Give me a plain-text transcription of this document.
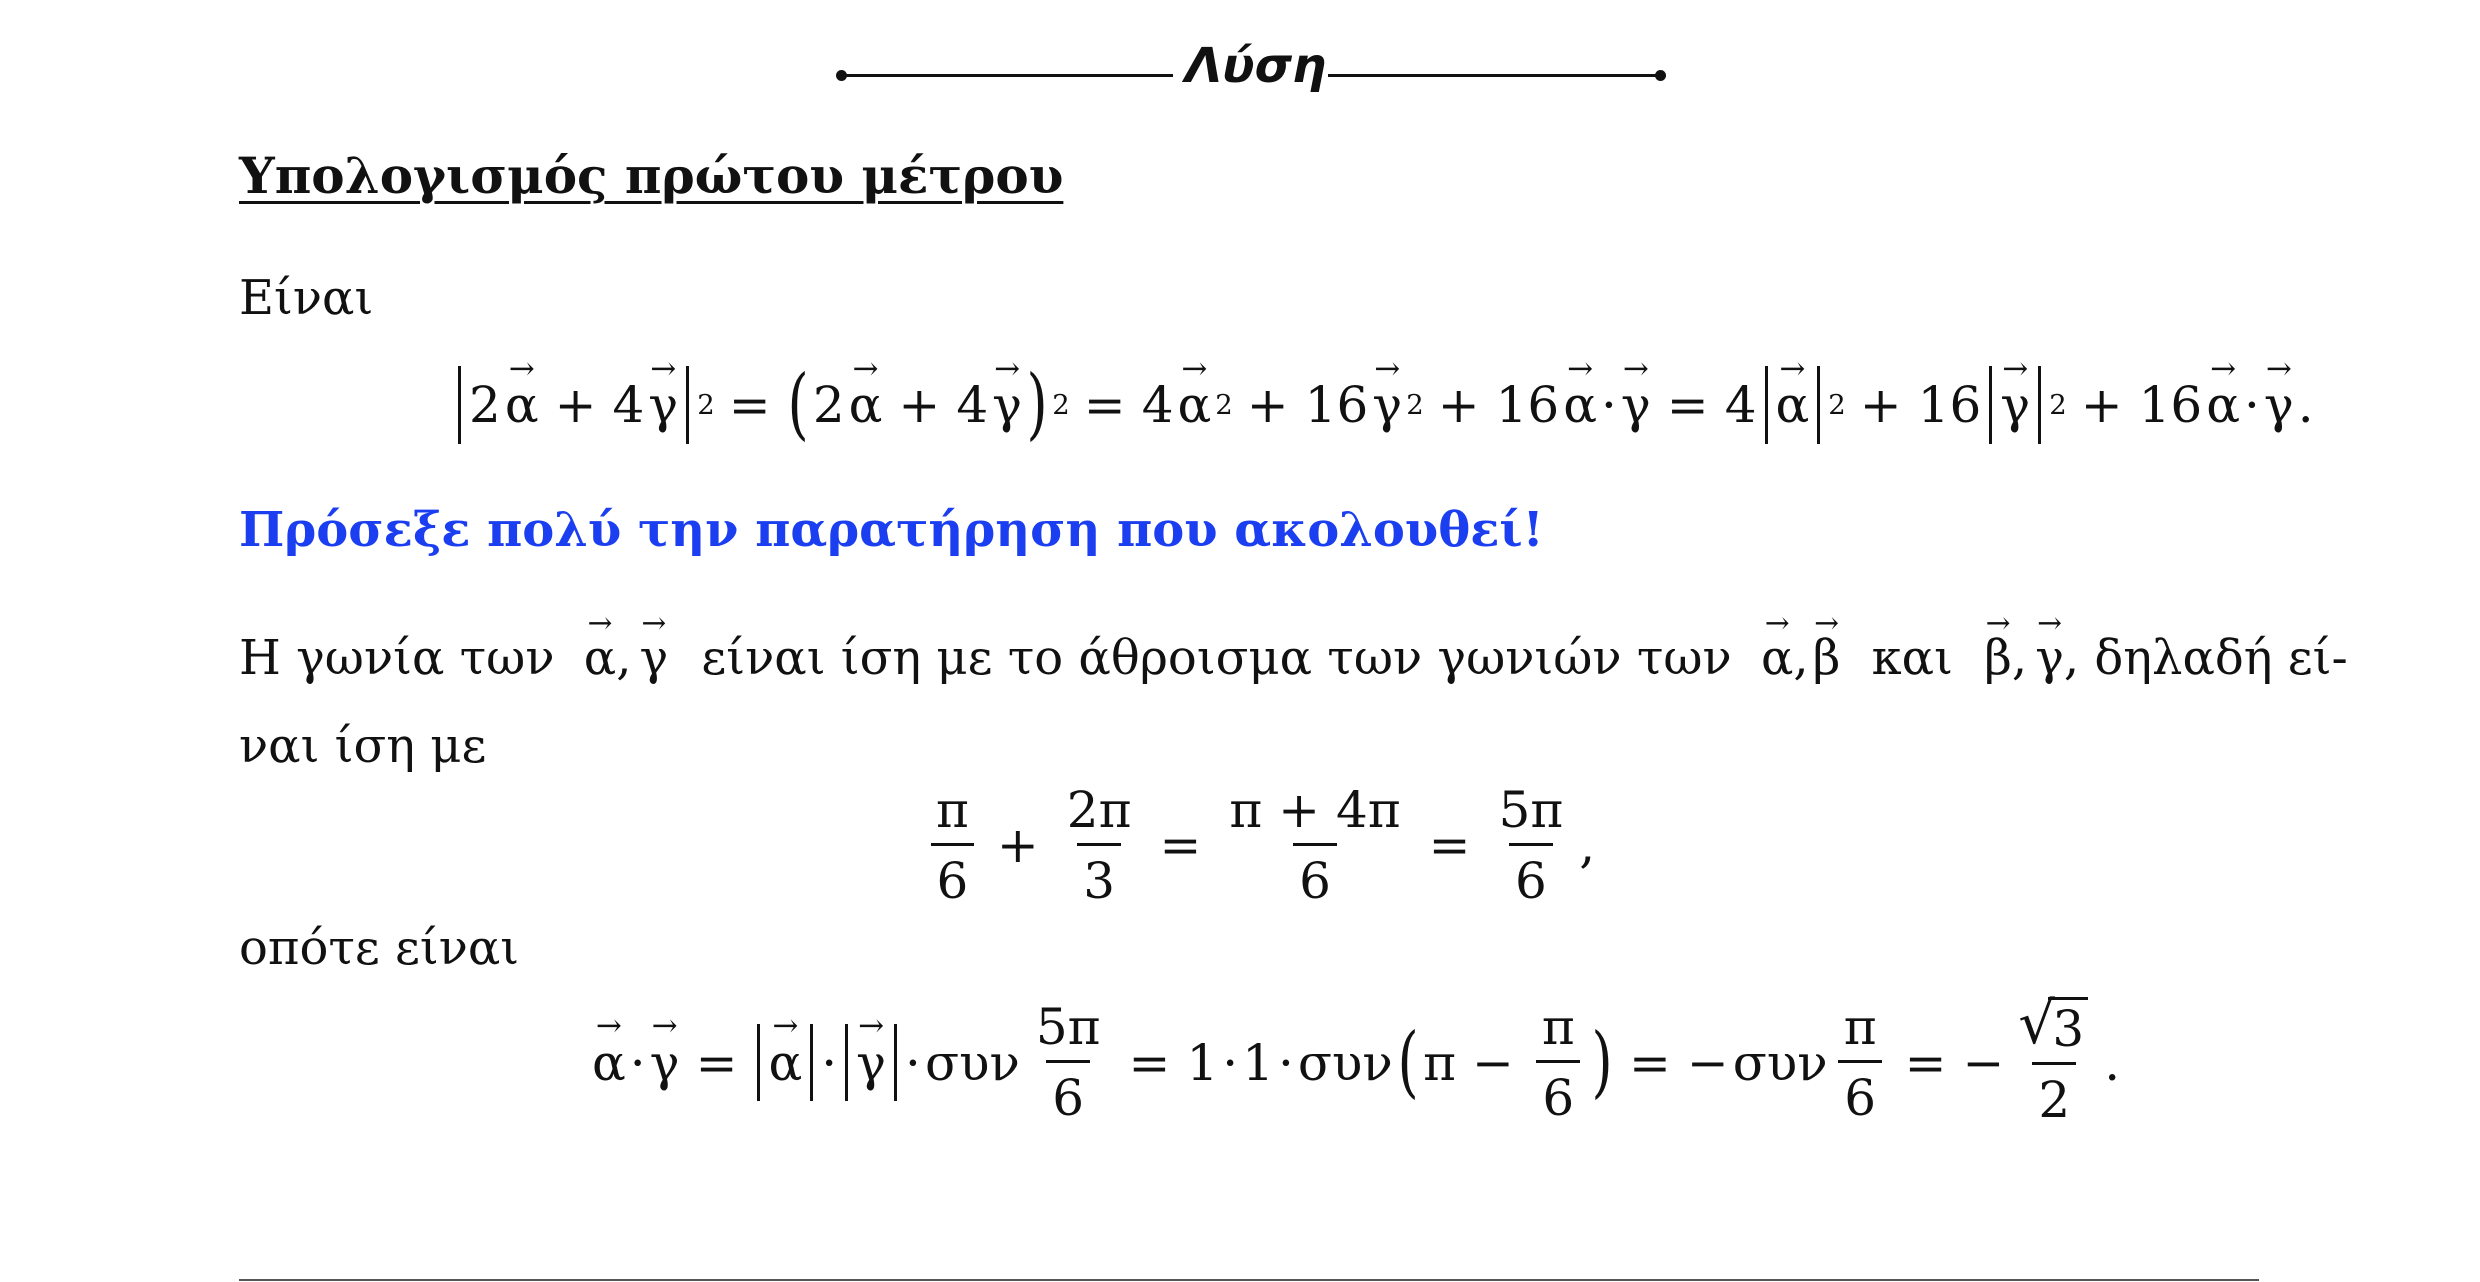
Λύση
Υπολογισμός πρώτου μέτρου
Είναι
2 → α + 4 → γ 2 = ( 2 → α + 4 → γ ) 2 = 4 → α 2 + 16 → γ 2 + 16 → α · → γ = 4 → α 2 + 16 → γ 2 + 16 → α · → γ .
Πρόσεξε πολύ την παρατήρηση που ακολουθεί!
Η γωνία των → α, → γ είναι ίση με το άθροισμα των γωνιών των → α,→ β και → β, → γ, δηλαδή εί-
ναι ίση με
$\frac{\pi}{6} + \frac{2\pi}{3} = \frac{\pi + 4\pi}{6} = \frac{5\pi}{6}$ ,
οπότε είναι
→ α · → γ = → α · → γ · συν $\frac{5\pi}{6} = 1 \cdot 1 \cdot \sigma\upsilon\nu$ ( $\pi - \frac{\pi}{6}$ ) = − συν $\frac{\pi}{6}$ = − √ $\frac{3}{2}$ .
